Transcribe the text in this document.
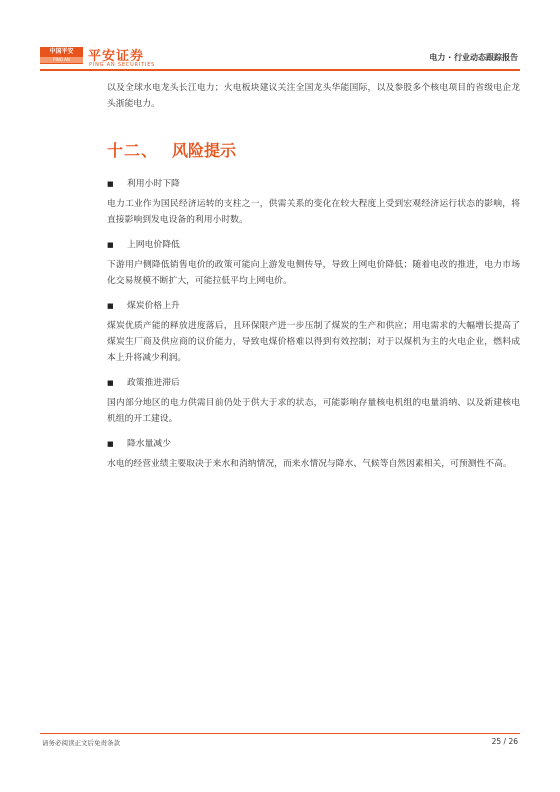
中国平安
PING AN	平安证券
PING AN SECURITIES
电力 · 行业动态跟踪报告

以及全球水电龙头长江电力；火电板块建议关注全国龙头华能国际，以及参股多个核电项目的省级电企龙头浙能电力。

十二、 风险提示
■ 利用小时下降

电力工业作为国民经济运转的支柱之一，供需关系的变化在较大程度上受到宏观经济运行状态的影响，将直接影响到发电设备的利用小时数。

■ 上网电价降低

下游用户侧降低销售电价的政策可能向上游发电侧传导，导致上网电价降低；随着电改的推进，电力市场化交易规模不断扩大，可能拉低平均上网电价。

■ 煤炭价格上升

煤炭优质产能的释放进度落后，且环保限产进一步压制了煤炭的生产和供应；用电需求的大幅增长提高了煤炭生厂商及供应商的议价能力，导致电煤价格难以得到有效控制；对于以煤机为主的火电企业，燃料成本上升将减少利润。

■ 政策推进滞后

国内部分地区的电力供需目前仍处于供大于求的状态，可能影响存量核电机组的电量消纳、以及新建核电机组的开工建设。

■ 降水量减少

水电的经营业绩主要取决于来水和消纳情况，而来水情况与降水、气候等自然因素相关，可预测性不高。

请务必阅读正文后免责条款	25 / 26
